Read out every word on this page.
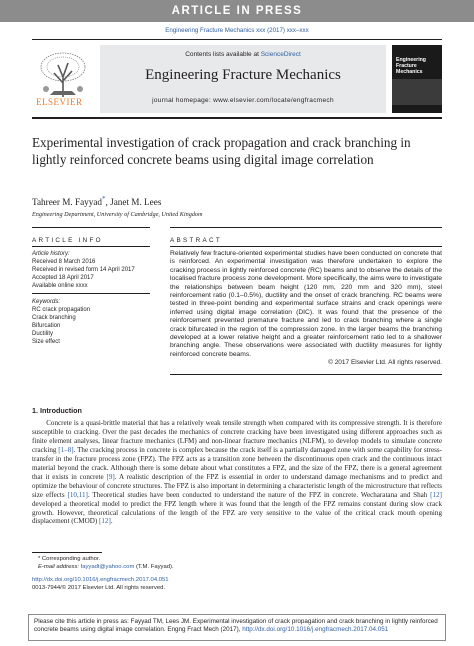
ARTICLE IN PRESS
Engineering Fracture Mechanics xxx (2017) xxx–xxx
ELSEVIER
Contents lists available at ScienceDirect
Engineering Fracture Mechanics
journal homepage: www.elsevier.com/locate/engfracmech
Engineering Fracture Mechanics
Experimental investigation of crack propagation and crack branching in lightly reinforced concrete beams using digital image correlation
Tahreer M. Fayyad*, Janet M. Lees
Engineering Department, University of Cambridge, United Kingdom
ARTICLE INFO	ABSTRACT
Article history:
Received 8 March 2016
Received in revised form 14 April 2017
Accepted 18 April 2017
Available online xxxx
Keywords:
RC crack propagation
Crack branching
Bifurcation
Ductility
Size effect
Relatively few fracture-oriented experimental studies have been conducted on concrete that is reinforced. An experimental investigation was therefore undertaken to explore the cracking process in lightly reinforced concrete (RC) beams and to observe the details of the localised fracture process zone development. More specifically, the aims were to investigate the relationships between beam height (120 mm, 220 mm and 320 mm), steel reinforcement ratio (0.1–0.5%), ductility and the onset of crack branching. RC beams were tested in three-point bending and experimental surface strains and crack openings were inferred using digital image correlation (DIC). It was found that the presence of the reinforcement prevented premature fracture and led to crack branching where a single crack bifurcated in the region of the compression zone. In the larger beams the branching developed at a lower relative height and a greater reinforcement ratio led to a shallower branching angle. These observations were associated with ductility measures for lightly reinforced concrete beams.
© 2017 Elsevier Ltd. All rights reserved.
1. Introduction
  Concrete is a quasi-brittle material that has a relatively weak tensile strength when compared with its compressive strength. It is therefore susceptible to cracking. Over the past decades the mechanics of concrete cracking have been investigated using different approaches such as finite element analyses, linear fracture mechanics (LFM) and non-linear fracture mechanics (NLFM), to develop models to simulate concrete cracking [1–8]. The cracking process in concrete is complex because the crack itself is a partially damaged zone with some capability for stress-transfer in the fracture process zone (FPZ). The FPZ acts as a transition zone between the discontinuous open crack and the continuous intact material beyond the crack. Although there is some debate about what constitutes a FPZ, and the size of the FPZ, there is a general agreement that it exists in concrete [9]. A realistic description of the FPZ is essential in order to understand damage mechanisms and to predict and optimize the behaviour of concrete structures. The FPZ is also important in determining a characteristic length of the microstructure that reflects size effects [10,11]. Theoretical studies have been conducted to understand the nature of the FPZ in concrete. Wecharatana and Shah [12] developed a theoretical model to predict the FPZ length where it was found that the length of the FPZ remains constant during slow crack growth. However, theoretical calculations of the length of the FPZ are very sensitive to the value of the critical crack mouth opening displacement (CMOD) [12].
* Corresponding author.
E-mail address: fayyadt@yahoo.com (T.M. Fayyad).
http://dx.doi.org/10.1016/j.engfracmech.2017.04.051
0013-7944/© 2017 Elsevier Ltd. All rights reserved.
Please cite this article in press as: Fayyad TM, Lees JM. Experimental investigation of crack propagation and crack branching in lightly reinforced concrete beams using digital image correlation. Engng Fract Mech (2017), http://dx.doi.org/10.1016/j.engfracmech.2017.04.051
